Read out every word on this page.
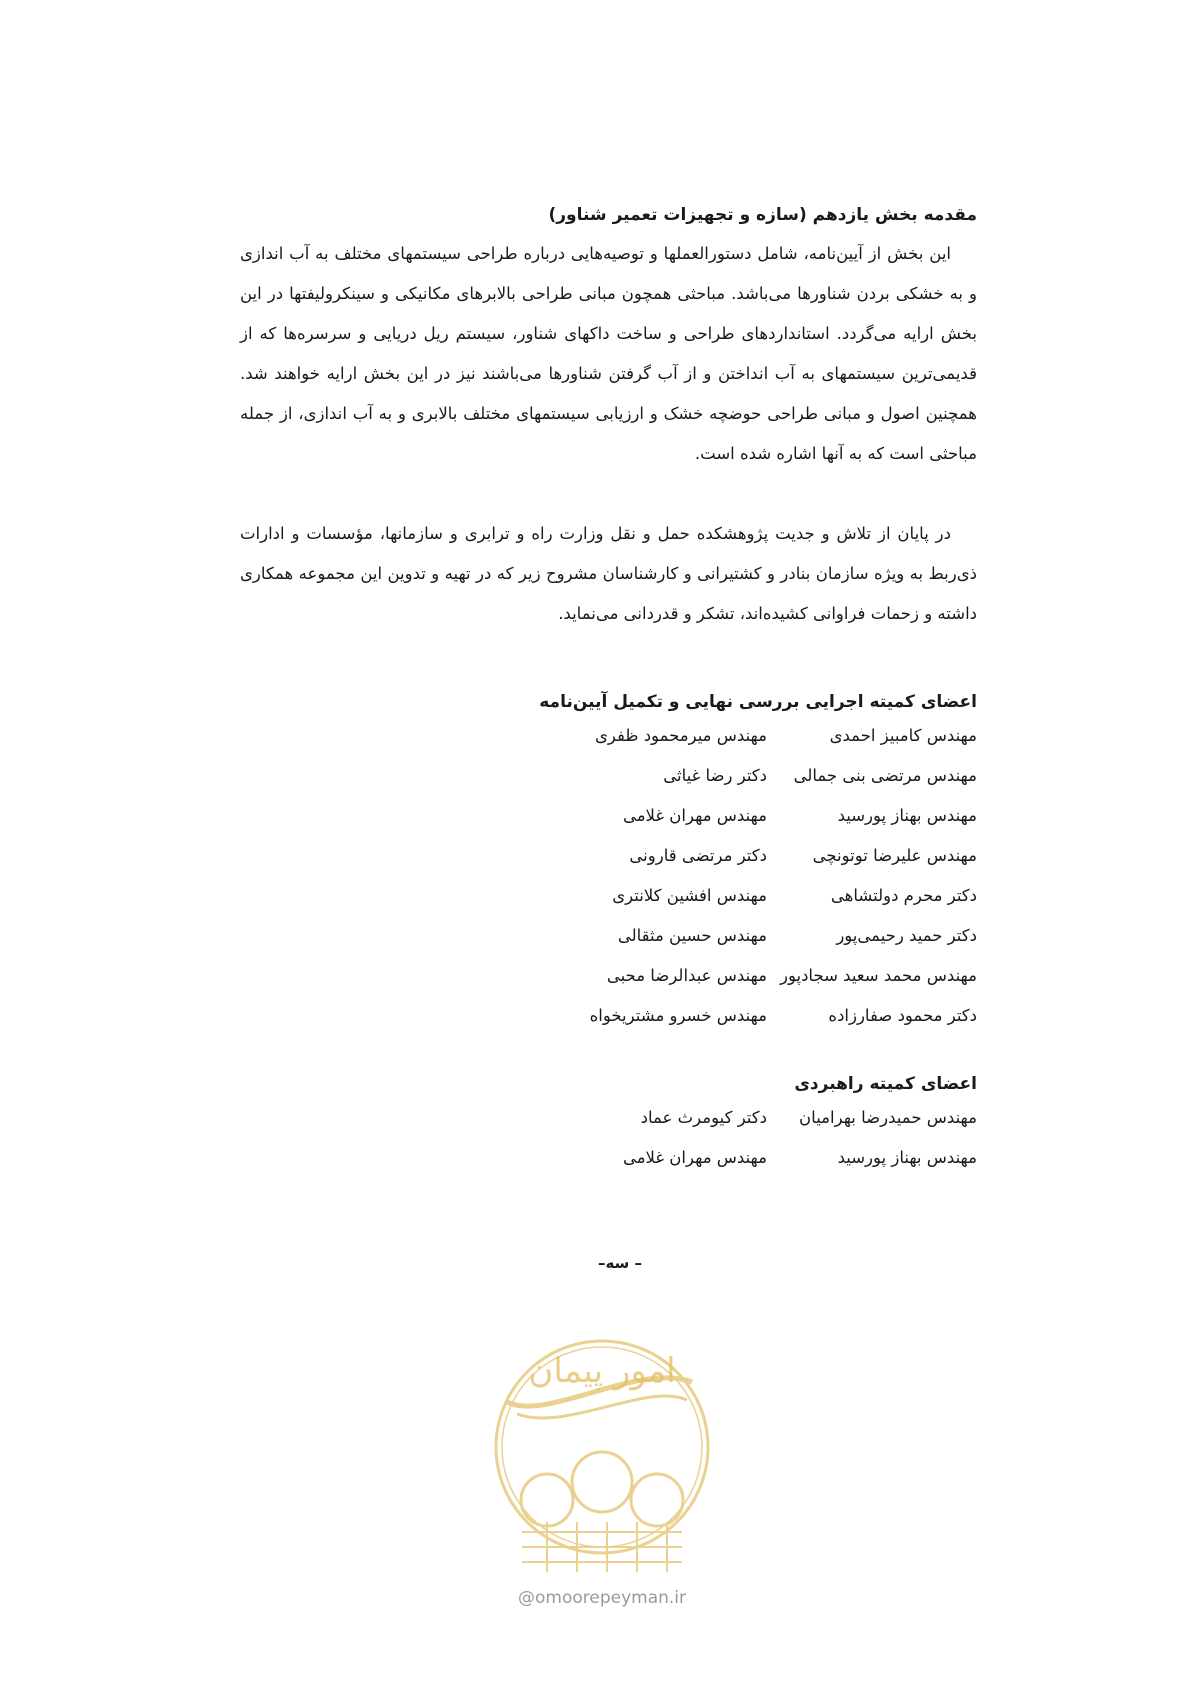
مقدمه بخش یازدهم (سازه و تجهیزات تعمیر شناور)
این بخش از آیین‌نامه، شامل دستورالعملها و توصیه‌هایی درباره طراحی سیستمهای مختلف به آب اندازی و به خشکی بردن شناورها می‌باشد. مباحثی همچون مبانی طراحی بالابرهای مکانیکی و سینکرولیفتها در این بخش ارایه می‌گردد. استانداردهای طراحی و ساخت داکهای شناور، سیستم ریل دریایی و سرسره‌ها که از قدیمی‌ترین سیستمهای به آب انداختن و از آب گرفتن شناورها می‌باشند نیز در این بخش ارایه خواهند شد. همچنین اصول و مبانی طراحی حوضچه خشک و ارزیابی سیستمهای مختلف بالابری و به آب اندازی، از جمله مباحثی است که به آنها اشاره شده است.
در پایان از تلاش و جدیت پژوهشکده حمل و نقل وزارت راه و ترابری و سازمانها، مؤسسات و ادارات ذی‌ربط به ویژه سازمان بنادر و کشتیرانی و کارشناسان مشروح زیر که در تهیه و تدوین این مجموعه همکاری داشته و زحمات فراوانی کشیده‌اند، تشکر و قدردانی می‌نماید.
اعضای کمیته اجرایی بررسی نهایی و تکمیل آیین‌نامه
مهندس کامبیز احمدی
مهندس میرمحمود ظفری
مهندس مرتضی بنی جمالی
دکتر رضا غیاثی
مهندس بهناز پورسید
مهندس مهران غلامی
مهندس علیرضا توتونچی
دکتر مرتضی قارونی
دکتر محرم دولتشاهی
مهندس افشین کلانتری
دکتر حمید رحیمی‌پور
مهندس حسین مثقالی
مهندس محمد سعید سجادپور
مهندس عبدالرضا محبی
دکتر محمود صفارزاده
مهندس خسرو مشتریخواه
اعضای کمیته راهبردی
مهندس حمیدرضا بهرامیان
دکتر کیومرث عماد
مهندس بهناز پورسید
مهندس مهران غلامی
– سه–
امور پیمان
@omoorepeyman.ir
